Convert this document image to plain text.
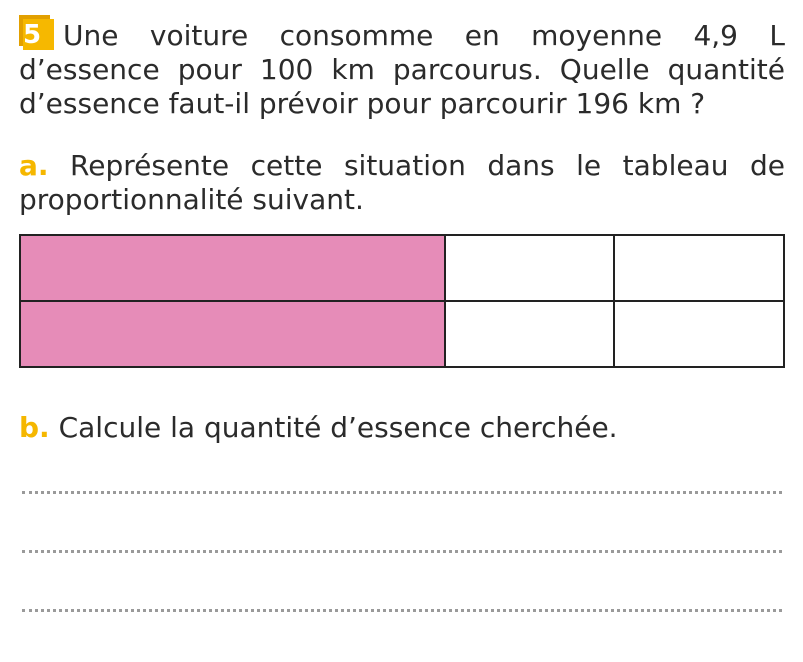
5 Une voiture consomme en moyenne 4,9 L d’essence pour 100 km parcourus. Quelle quantité d’essence faut-il prévoir pour parcourir 196 km ?

a. Représente cette situation dans le tableau de proportionnalité suivant.

b. Calcule la quantité d’essence cherchée.
